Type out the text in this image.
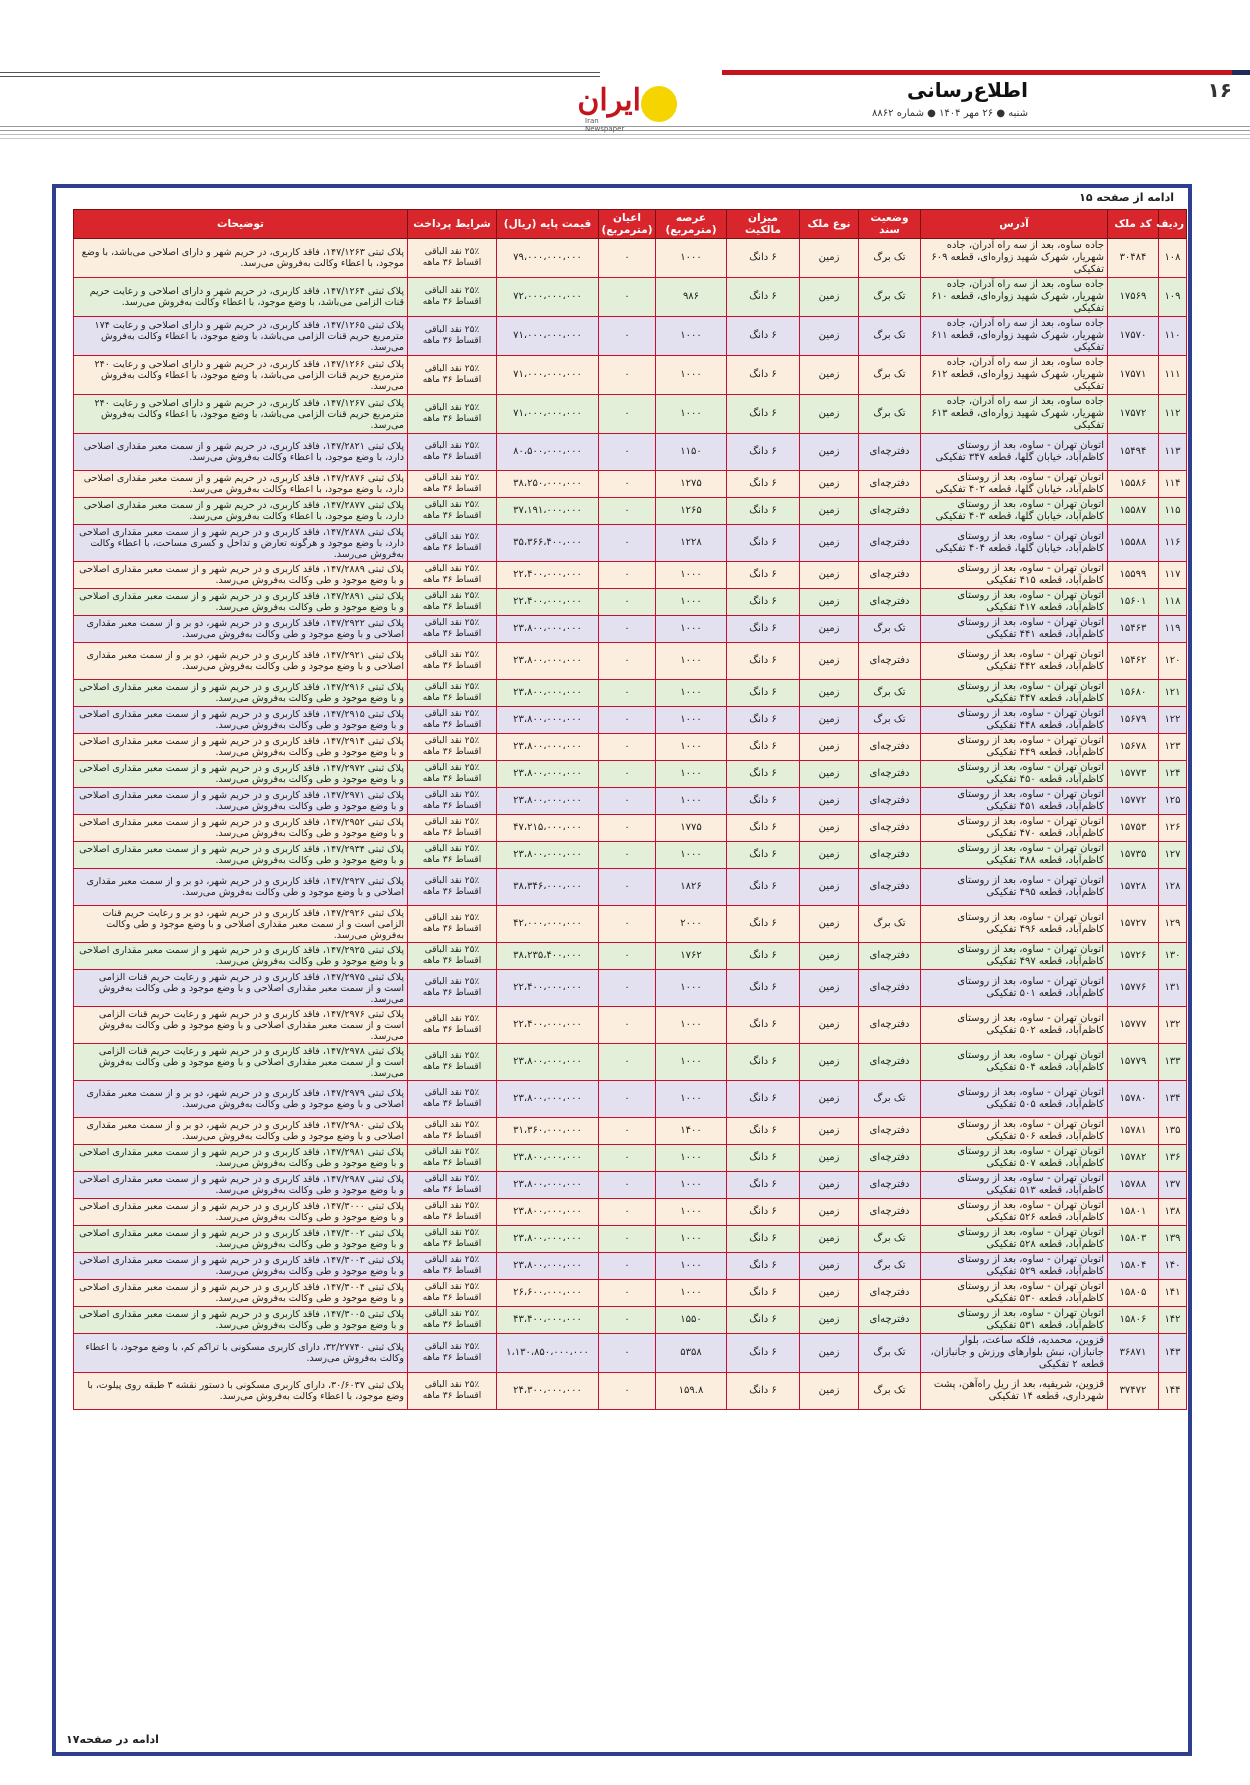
۱۶
اطلاع‌رسانی
شنبه ● ۲۶ مهر ۱۴۰۴ ● شماره ۸۸۶۲
ایران
Iran Newspaper
ادامه از صفحه ۱۵
ردیف	کد ملک	آدرس	وضعیت سند	نوع ملک	میزان مالکیت	عرصه (مترمربع)	اعیان (مترمربع)	قیمت پایه (ریال)	شرایط پرداخت	توضیحات
۱۰۸	۳۰۴۸۴	جاده ساوه، بعد از سه راه آدران، جاده شهریار، شهرک شهید زواره‌ای، قطعه ۶۰۹ تفکیکی	تک برگ	زمین	۶ دانگ	۱۰۰۰	۰	۷۹،۰۰۰،۰۰۰،۰۰۰	۲۵٪ نقد الباقی اقساط ۳۶ ماهه	پلاک ثبتی ۱۴۷/۱۲۶۳، فاقد کاربری، در حریم شهر و دارای اصلاحی می‌باشد، با وضع موجود، با اعطاء وکالت به‌فروش می‌رسد.
۱۰۹	۱۷۵۶۹	جاده ساوه، بعد از سه راه آدران، جاده شهریار، شهرک شهید زواره‌ای، قطعه ۶۱۰ تفکیکی	تک برگ	زمین	۶ دانگ	۹۸۶	۰	۷۲،۰۰۰،۰۰۰،۰۰۰	۲۵٪ نقد الباقی اقساط ۳۶ ماهه	پلاک ثبتی ۱۴۷/۱۲۶۴، فاقد کاربری، در حریم شهر و دارای اصلاحی و رعایت حریم قنات الزامی می‌باشد، با وضع موجود، با اعطاء وکالت به‌فروش می‌رسد.
۱۱۰	۱۷۵۷۰	جاده ساوه، بعد از سه راه آدران، جاده شهریار، شهرک شهید زواره‌ای، قطعه ۶۱۱ تفکیکی	تک برگ	زمین	۶ دانگ	۱۰۰۰	۰	۷۱،۰۰۰،۰۰۰،۰۰۰	۲۵٪ نقد الباقی اقساط ۳۶ ماهه	پلاک ثبتی ۱۴۷/۱۲۶۵، فاقد کاربری، در حریم شهر و دارای اصلاحی و رعایت ۱۷۴ مترمربع حریم قنات الزامی می‌باشد، با وضع موجود، با اعطاء وکالت به‌فروش می‌رسد.
۱۱۱	۱۷۵۷۱	جاده ساوه، بعد از سه راه آدران، جاده شهریار، شهرک شهید زواره‌ای، قطعه ۶۱۲ تفکیکی	تک برگ	زمین	۶ دانگ	۱۰۰۰	۰	۷۱،۰۰۰،۰۰۰،۰۰۰	۲۵٪ نقد الباقی اقساط ۳۶ ماهه	پلاک ثبتی ۱۴۷/۱۲۶۶، فاقد کاربری، در حریم شهر و دارای اصلاحی و رعایت ۲۴۰ مترمربع حریم قنات الزامی می‌باشد، با وضع موجود، با اعطاء وکالت به‌فروش می‌رسد.
۱۱۲	۱۷۵۷۲	جاده ساوه، بعد از سه راه آدران، جاده شهریار، شهرک شهید زواره‌ای، قطعه ۶۱۳ تفکیکی	تک برگ	زمین	۶ دانگ	۱۰۰۰	۰	۷۱،۰۰۰،۰۰۰،۰۰۰	۲۵٪ نقد الباقی اقساط ۳۶ ماهه	پلاک ثبتی ۱۴۷/۱۲۶۷، فاقد کاربری، در حریم شهر و دارای اصلاحی و رعایت ۲۴۰ مترمربع حریم قنات الزامی می‌باشد، با وضع موجود، با اعطاء وکالت به‌فروش می‌رسد.
۱۱۳	۱۵۴۹۴	اتوبان تهران - ساوه، بعد از روستای کاظم‌آباد، خیابان گلها، قطعه ۳۴۷ تفکیکی	دفترچه‌ای	زمین	۶ دانگ	۱۱۵۰	۰	۸۰،۵۰۰،۰۰۰،۰۰۰	۲۵٪ نقد الباقی اقساط ۳۶ ماهه	پلاک ثبتی ۱۴۷/۲۸۲۱، فاقد کاربری، در حریم شهر و از سمت معبر مقداری اصلاحی دارد، با وضع موجود، با اعطاء وکالت به‌فروش می‌رسد.
۱۱۴	۱۵۵۸۶	اتوبان تهران - ساوه، بعد از روستای کاظم‌آباد، خیابان گلها، قطعه ۴۰۲ تفکیکی	دفترچه‌ای	زمین	۶ دانگ	۱۲۷۵	۰	۳۸،۲۵۰،۰۰۰،۰۰۰	۲۵٪ نقد الباقی اقساط ۳۶ ماهه	پلاک ثبتی ۱۴۷/۲۸۷۶، فاقد کاربری، در حریم شهر و از سمت معبر مقداری اصلاحی دارد، با وضع موجود، با اعطاء وکالت به‌فروش می‌رسد.
۱۱۵	۱۵۵۸۷	اتوبان تهران - ساوه، بعد از روستای کاظم‌آباد، خیابان گلها، قطعه ۴۰۳ تفکیکی	دفترچه‌ای	زمین	۶ دانگ	۱۲۶۵	۰	۳۷،۱۹۱،۰۰۰،۰۰۰	۲۵٪ نقد الباقی اقساط ۳۶ ماهه	پلاک ثبتی ۱۴۷/۲۸۷۷، فاقد کاربری، در حریم شهر و از سمت معبر مقداری اصلاحی دارد، با وضع موجود، با اعطاء وکالت به‌فروش می‌رسد.
۱۱۶	۱۵۵۸۸	اتوبان تهران - ساوه، بعد از روستای کاظم‌آباد، خیابان گلها، قطعه ۴۰۴ تفکیکی	دفترچه‌ای	زمین	۶ دانگ	۱۲۲۸	۰	۳۵،۳۶۶،۴۰۰،۰۰۰	۲۵٪ نقد الباقی اقساط ۳۶ ماهه	پلاک ثبتی ۱۴۷/۲۸۷۸، فاقد کاربری و در حریم شهر و از سمت معبر مقداری اصلاحی دارد، با وضع موجود و هرگونه تعارض و تداخل و کسری مساحت، با اعطاء وکالت به‌فروش می‌رسد.
۱۱۷	۱۵۵۹۹	اتوبان تهران - ساوه، بعد از روستای کاظم‌آباد، قطعه ۴۱۵ تفکیکی	دفترچه‌ای	زمین	۶ دانگ	۱۰۰۰	۰	۲۲،۴۰۰،۰۰۰،۰۰۰	۲۵٪ نقد الباقی اقساط ۳۶ ماهه	پلاک ثبتی ۱۴۷/۲۸۸۹، فاقد کاربری و در حریم شهر و از سمت معبر مقداری اصلاحی و با وضع موجود و طی وکالت به‌فروش می‌رسد.
۱۱۸	۱۵۶۰۱	اتوبان تهران - ساوه، بعد از روستای کاظم‌آباد، قطعه ۴۱۷ تفکیکی	دفترچه‌ای	زمین	۶ دانگ	۱۰۰۰	۰	۲۲،۴۰۰،۰۰۰،۰۰۰	۲۵٪ نقد الباقی اقساط ۳۶ ماهه	پلاک ثبتی ۱۴۷/۲۸۹۱، فاقد کاربری و در حریم شهر و از سمت معبر مقداری اصلاحی و با وضع موجود و طی وکالت به‌فروش می‌رسد.
۱۱۹	۱۵۴۶۳	اتوبان تهران - ساوه، بعد از روستای کاظم‌آباد، قطعه ۴۴۱ تفکیکی	تک برگ	زمین	۶ دانگ	۱۰۰۰	۰	۲۳،۸۰۰،۰۰۰،۰۰۰	۲۵٪ نقد الباقی اقساط ۳۶ ماهه	پلاک ثبتی ۱۴۷/۲۹۲۲، فاقد کاربری و در حریم شهر، دو بر و از سمت معبر مقداری اصلاحی و با وضع موجود و طی وکالت به‌فروش می‌رسد.
۱۲۰	۱۵۴۶۲	اتوبان تهران - ساوه، بعد از روستای کاظم‌آباد، قطعه ۴۴۲ تفکیکی	دفترچه‌ای	زمین	۶ دانگ	۱۰۰۰	۰	۲۳،۸۰۰،۰۰۰،۰۰۰	۲۵٪ نقد الباقی اقساط ۳۶ ماهه	پلاک ثبتی ۱۴۷/۲۹۲۱، فاقد کاربری و در حریم شهر، دو بر و از سمت معبر مقداری اصلاحی و با وضع موجود و طی وکالت به‌فروش می‌رسد.
۱۲۱	۱۵۶۸۰	اتوبان تهران - ساوه، بعد از روستای کاظم‌آباد، قطعه ۴۴۷ تفکیکی	تک برگ	زمین	۶ دانگ	۱۰۰۰	۰	۲۳،۸۰۰،۰۰۰،۰۰۰	۲۵٪ نقد الباقی اقساط ۳۶ ماهه	پلاک ثبتی ۱۴۷/۲۹۱۶، فاقد کاربری و در حریم شهر و از سمت معبر مقداری اصلاحی و با وضع موجود و طی وکالت به‌فروش می‌رسد.
۱۲۲	۱۵۶۷۹	اتوبان تهران - ساوه، بعد از روستای کاظم‌آباد، قطعه ۴۴۸ تفکیکی	تک برگ	زمین	۶ دانگ	۱۰۰۰	۰	۲۳،۸۰۰،۰۰۰،۰۰۰	۲۵٪ نقد الباقی اقساط ۳۶ ماهه	پلاک ثبتی ۱۴۷/۲۹۱۵، فاقد کاربری و در حریم شهر و از سمت معبر مقداری اصلاحی و با وضع موجود و طی وکالت به‌فروش می‌رسد.
۱۲۳	۱۵۶۷۸	اتوبان تهران - ساوه، بعد از روستای کاظم‌آباد، قطعه ۴۴۹ تفکیکی	دفترچه‌ای	زمین	۶ دانگ	۱۰۰۰	۰	۲۳،۸۰۰،۰۰۰،۰۰۰	۲۵٪ نقد الباقی اقساط ۳۶ ماهه	پلاک ثبتی ۱۴۷/۲۹۱۴، فاقد کاربری و در حریم شهر و از سمت معبر مقداری اصلاحی و با وضع موجود و طی وکالت به‌فروش می‌رسد.
۱۲۴	۱۵۷۷۳	اتوبان تهران - ساوه، بعد از روستای کاظم‌آباد، قطعه ۴۵۰ تفکیکی	دفترچه‌ای	زمین	۶ دانگ	۱۰۰۰	۰	۲۳،۸۰۰،۰۰۰،۰۰۰	۲۵٪ نقد الباقی اقساط ۳۶ ماهه	پلاک ثبتی ۱۴۷/۲۹۷۲، فاقد کاربری و در حریم شهر و از سمت معبر مقداری اصلاحی و با وضع موجود و طی وکالت به‌فروش می‌رسد.
۱۲۵	۱۵۷۷۲	اتوبان تهران - ساوه، بعد از روستای کاظم‌آباد، قطعه ۴۵۱ تفکیکی	دفترچه‌ای	زمین	۶ دانگ	۱۰۰۰	۰	۲۳،۸۰۰،۰۰۰،۰۰۰	۲۵٪ نقد الباقی اقساط ۳۶ ماهه	پلاک ثبتی ۱۴۷/۲۹۷۱، فاقد کاربری و در حریم شهر و از سمت معبر مقداری اصلاحی و با وضع موجود و طی وکالت به‌فروش می‌رسد.
۱۲۶	۱۵۷۵۳	اتوبان تهران - ساوه، بعد از روستای کاظم‌آباد، قطعه ۴۷۰ تفکیکی	دفترچه‌ای	زمین	۶ دانگ	۱۷۷۵	۰	۴۷،۲۱۵،۰۰۰،۰۰۰	۲۵٪ نقد الباقی اقساط ۳۶ ماهه	پلاک ثبتی ۱۴۷/۲۹۵۲، فاقد کاربری و در حریم شهر و از سمت معبر مقداری اصلاحی و با وضع موجود و طی وکالت به‌فروش می‌رسد.
۱۲۷	۱۵۷۳۵	اتوبان تهران - ساوه، بعد از روستای کاظم‌آباد، قطعه ۴۸۸ تفکیکی	دفترچه‌ای	زمین	۶ دانگ	۱۰۰۰	۰	۲۳،۸۰۰،۰۰۰،۰۰۰	۲۵٪ نقد الباقی اقساط ۳۶ ماهه	پلاک ثبتی ۱۴۷/۲۹۳۴، فاقد کاربری و در حریم شهر و از سمت معبر مقداری اصلاحی و با وضع موجود و طی وکالت به‌فروش می‌رسد.
۱۲۸	۱۵۷۲۸	اتوبان تهران - ساوه، بعد از روستای کاظم‌آباد، قطعه ۴۹۵ تفکیکی	دفترچه‌ای	زمین	۶ دانگ	۱۸۲۶	۰	۳۸،۳۴۶،۰۰۰،۰۰۰	۲۵٪ نقد الباقی اقساط ۳۶ ماهه	پلاک ثبتی ۱۴۷/۲۹۲۷، فاقد کاربری و در حریم شهر، دو بر و از سمت معبر مقداری اصلاحی و با وضع موجود و طی وکالت به‌فروش می‌رسد.
۱۲۹	۱۵۷۲۷	اتوبان تهران - ساوه، بعد از روستای کاظم‌آباد، قطعه ۴۹۶ تفکیکی	تک برگ	زمین	۶ دانگ	۲۰۰۰	۰	۴۲،۰۰۰،۰۰۰،۰۰۰	۲۵٪ نقد الباقی اقساط ۳۶ ماهه	پلاک ثبتی ۱۴۷/۲۹۲۶، فاقد کاربری و در حریم شهر، دو بر و رعایت حریم قنات الزامی است و از سمت معبر مقداری اصلاحی و با وضع موجود و طی وکالت به‌فروش می‌رسد.
۱۳۰	۱۵۷۲۶	اتوبان تهران - ساوه، بعد از روستای کاظم‌آباد، قطعه ۴۹۷ تفکیکی	دفترچه‌ای	زمین	۶ دانگ	۱۷۶۲	۰	۳۸،۲۳۵،۴۰۰،۰۰۰	۲۵٪ نقد الباقی اقساط ۳۶ ماهه	پلاک ثبتی ۱۴۷/۲۹۲۵، فاقد کاربری و در حریم شهر و از سمت معبر مقداری اصلاحی و با وضع موجود و طی وکالت به‌فروش می‌رسد.
۱۳۱	۱۵۷۷۶	اتوبان تهران - ساوه، بعد از روستای کاظم‌آباد، قطعه ۵۰۱ تفکیکی	دفترچه‌ای	زمین	۶ دانگ	۱۰۰۰	۰	۲۲،۴۰۰،۰۰۰،۰۰۰	۲۵٪ نقد الباقی اقساط ۳۶ ماهه	پلاک ثبتی ۱۴۷/۲۹۷۵، فاقد کاربری و در حریم شهر و رعایت حریم قنات الزامی است و از سمت معبر مقداری اصلاحی و با وضع موجود و طی وکالت به‌فروش می‌رسد.
۱۳۲	۱۵۷۷۷	اتوبان تهران - ساوه، بعد از روستای کاظم‌آباد، قطعه ۵۰۲ تفکیکی	دفترچه‌ای	زمین	۶ دانگ	۱۰۰۰	۰	۲۲،۴۰۰،۰۰۰،۰۰۰	۲۵٪ نقد الباقی اقساط ۳۶ ماهه	پلاک ثبتی ۱۴۷/۲۹۷۶، فاقد کاربری و در حریم شهر و رعایت حریم قنات الزامی است و از سمت معبر مقداری اصلاحی و با وضع موجود و طی وکالت به‌فروش می‌رسد.
۱۳۳	۱۵۷۷۹	اتوبان تهران - ساوه، بعد از روستای کاظم‌آباد، قطعه ۵۰۴ تفکیکی	دفترچه‌ای	زمین	۶ دانگ	۱۰۰۰	۰	۲۳،۸۰۰،۰۰۰،۰۰۰	۲۵٪ نقد الباقی اقساط ۳۶ ماهه	پلاک ثبتی ۱۴۷/۲۹۷۸، فاقد کاربری و در حریم شهر و رعایت حریم قنات الزامی است و از سمت معبر مقداری اصلاحی و با وضع موجود و طی وکالت به‌فروش می‌رسد.
۱۳۴	۱۵۷۸۰	اتوبان تهران - ساوه، بعد از روستای کاظم‌آباد، قطعه ۵۰۵ تفکیکی	تک برگ	زمین	۶ دانگ	۱۰۰۰	۰	۲۳،۸۰۰،۰۰۰،۰۰۰	۲۵٪ نقد الباقی اقساط ۳۶ ماهه	پلاک ثبتی ۱۴۷/۲۹۷۹، فاقد کاربری و در حریم شهر، دو بر و از سمت معبر مقداری اصلاحی و با وضع موجود و طی وکالت به‌فروش می‌رسد.
۱۳۵	۱۵۷۸۱	اتوبان تهران - ساوه، بعد از روستای کاظم‌آباد، قطعه ۵۰۶ تفکیکی	دفترچه‌ای	زمین	۶ دانگ	۱۴۰۰	۰	۳۱،۳۶۰،۰۰۰،۰۰۰	۲۵٪ نقد الباقی اقساط ۳۶ ماهه	پلاک ثبتی ۱۴۷/۲۹۸۰، فاقد کاربری و در حریم شهر، دو بر و از سمت معبر مقداری اصلاحی و با وضع موجود و طی وکالت به‌فروش می‌رسد.
۱۳۶	۱۵۷۸۲	اتوبان تهران - ساوه، بعد از روستای کاظم‌آباد، قطعه ۵۰۷ تفکیکی	دفترچه‌ای	زمین	۶ دانگ	۱۰۰۰	۰	۲۳،۸۰۰،۰۰۰،۰۰۰	۲۵٪ نقد الباقی اقساط ۳۶ ماهه	پلاک ثبتی ۱۴۷/۲۹۸۱، فاقد کاربری و در حریم شهر و از سمت معبر مقداری اصلاحی و با وضع موجود و طی وکالت به‌فروش می‌رسد.
۱۳۷	۱۵۷۸۸	اتوبان تهران - ساوه، بعد از روستای کاظم‌آباد، قطعه ۵۱۳ تفکیکی	دفترچه‌ای	زمین	۶ دانگ	۱۰۰۰	۰	۲۳،۸۰۰،۰۰۰،۰۰۰	۲۵٪ نقد الباقی اقساط ۳۶ ماهه	پلاک ثبتی ۱۴۷/۲۹۸۷، فاقد کاربری و در حریم شهر و از سمت معبر مقداری اصلاحی و با وضع موجود و طی وکالت به‌فروش می‌رسد.
۱۳۸	۱۵۸۰۱	اتوبان تهران - ساوه، بعد از روستای کاظم‌آباد، قطعه ۵۲۶ تفکیکی	دفترچه‌ای	زمین	۶ دانگ	۱۰۰۰	۰	۲۳،۸۰۰،۰۰۰،۰۰۰	۲۵٪ نقد الباقی اقساط ۳۶ ماهه	پلاک ثبتی ۱۴۷/۳۰۰۰، فاقد کاربری و در حریم شهر و از سمت معبر مقداری اصلاحی و با وضع موجود و طی وکالت به‌فروش می‌رسد.
۱۳۹	۱۵۸۰۳	اتوبان تهران - ساوه، بعد از روستای کاظم‌آباد، قطعه ۵۲۸ تفکیکی	تک برگ	زمین	۶ دانگ	۱۰۰۰	۰	۲۳،۸۰۰،۰۰۰،۰۰۰	۲۵٪ نقد الباقی اقساط ۳۶ ماهه	پلاک ثبتی ۱۴۷/۳۰۰۲، فاقد کاربری و در حریم شهر و از سمت معبر مقداری اصلاحی و با وضع موجود و طی وکالت به‌فروش می‌رسد.
۱۴۰	۱۵۸۰۴	اتوبان تهران - ساوه، بعد از روستای کاظم‌آباد، قطعه ۵۲۹ تفکیکی	تک برگ	زمین	۶ دانگ	۱۰۰۰	۰	۲۳،۸۰۰،۰۰۰،۰۰۰	۲۵٪ نقد الباقی اقساط ۳۶ ماهه	پلاک ثبتی ۱۴۷/۳۰۰۳، فاقد کاربری و در حریم شهر و از سمت معبر مقداری اصلاحی و با وضع موجود و طی وکالت به‌فروش می‌رسد.
۱۴۱	۱۵۸۰۵	اتوبان تهران - ساوه، بعد از روستای کاظم‌آباد، قطعه ۵۳۰ تفکیکی	دفترچه‌ای	زمین	۶ دانگ	۱۰۰۰	۰	۲۶،۶۰۰،۰۰۰،۰۰۰	۲۵٪ نقد الباقی اقساط ۳۶ ماهه	پلاک ثبتی ۱۴۷/۳۰۰۴، فاقد کاربری و در حریم شهر و از سمت معبر مقداری اصلاحی و با وضع موجود و طی وکالت به‌فروش می‌رسد.
۱۴۲	۱۵۸۰۶	اتوبان تهران - ساوه، بعد از روستای کاظم‌آباد، قطعه ۵۳۱ تفکیکی	دفترچه‌ای	زمین	۶ دانگ	۱۵۵۰	۰	۴۳،۴۰۰،۰۰۰،۰۰۰	۲۵٪ نقد الباقی اقساط ۳۶ ماهه	پلاک ثبتی ۱۴۷/۳۰۰۵، فاقد کاربری و در حریم شهر و از سمت معبر مقداری اصلاحی و با وضع موجود و طی وکالت به‌فروش می‌رسد.
۱۴۳	۳۶۸۷۱	قزوین، محمدیه، فلکه ساعت، بلوار جانبازان، نبش بلوارهای ورزش و جانبازان، قطعه ۲ تفکیکی	تک برگ	زمین	۶ دانگ	۵۳۵۸	۰	۱،۱۳۰،۸۵۰،۰۰۰،۰۰۰	۲۵٪ نقد الباقی اقساط ۳۶ ماهه	پلاک ثبتی ۳۲/۲۷۷۴۰، دارای کاربری مسکونی با تراکم کم، با وضع موجود، با اعطاء وکالت به‌فروش می‌رسد.
۱۴۴	۳۷۴۷۲	قزوین، شریفیه، بعد از ریل راه‌آهن، پشت شهرداری، قطعه ۱۴ تفکیکی	تک برگ	زمین	۶ دانگ	۱۵۹.۸	۰	۲۴،۳۰۰،۰۰۰،۰۰۰	۲۵٪ نقد الباقی اقساط ۳۶ ماهه	پلاک ثبتی ۳۰/۶۰۳۷، دارای کاربری مسکونی با دستور نقشه ۳ طبقه روی پیلوت، با وضع موجود، با اعطاء وکالت به‌فروش می‌رسد.
ادامه در صفحه۱۷
